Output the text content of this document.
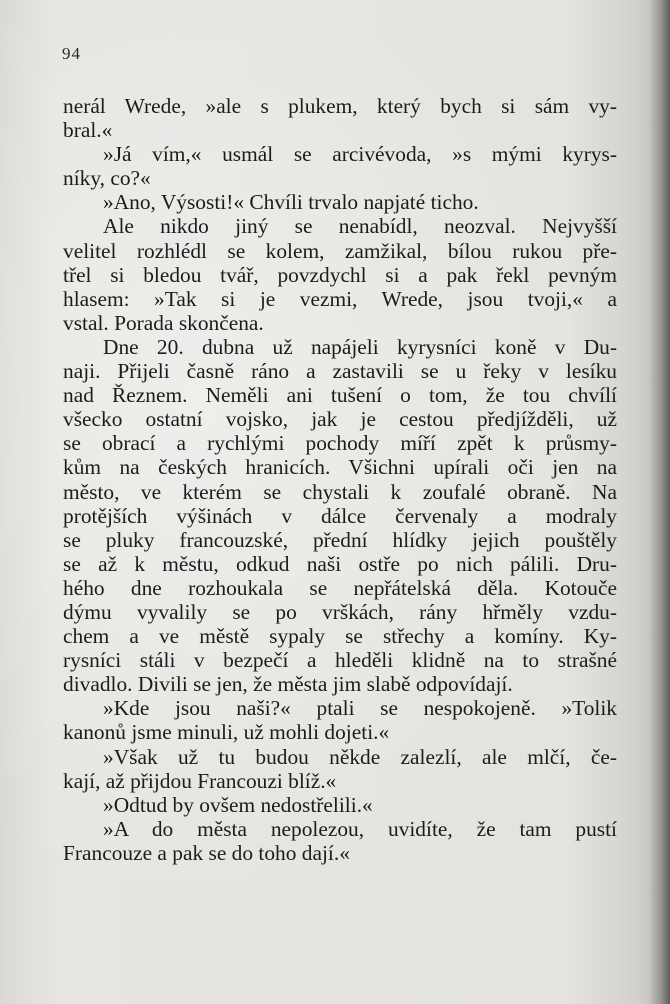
94
nerál Wrede, »ale s plukem, který bych si sám vy-
bral.«
»Já vím,« usmál se arcivévoda, »s mými kyrys-
níky, co?«
»Ano, Výsosti!« Chvíli trvalo napjaté ticho.
Ale nikdo jiný se nenabídl, neozval. Nejvyšší
velitel rozhlédl se kolem, zamžikal, bílou rukou pře-
třel si bledou tvář, povzdychl si a pak řekl pevným
hlasem: »Tak si je vezmi, Wrede, jsou tvoji,« a
vstal. Porada skončena.
Dne 20. dubna už napájeli kyrysníci koně v Du-
naji. Přijeli časně ráno a zastavili se u řeky v lesíku
nad Řeznem. Neměli ani tušení o tom, že tou chvílí
všecko ostatní vojsko, jak je cestou předjížděli, už
se obrací a rychlými pochody míří zpět k průsmy-
kům na českých hranicích. Všichni upírali oči jen na
město, ve kterém se chystali k zoufalé obraně. Na
protějších výšinách v dálce červenaly a modraly
se pluky francouzské, přední hlídky jejich pouštěly
se až k městu, odkud naši ostře po nich pálili. Dru-
hého dne rozhoukala se nepřátelská děla. Kotouče
dýmu vyvalily se po vrškách, rány hřměly vzdu-
chem a ve městě sypaly se střechy a komíny. Ky-
rysníci stáli v bezpečí a hleděli klidně na to strašné
divadlo. Divili se jen, že města jim slabě odpovídají.
»Kde jsou naši?« ptali se nespokojeně. »Tolik
kanonů jsme minuli, už mohli dojeti.«
»Však už tu budou někde zalezlí, ale mlčí, če-
kají, až přijdou Francouzi blíž.«
»Odtud by ovšem nedostřelili.«
»A do města nepolezou, uvidíte, že tam pustí
Francouze a pak se do toho dají.«
